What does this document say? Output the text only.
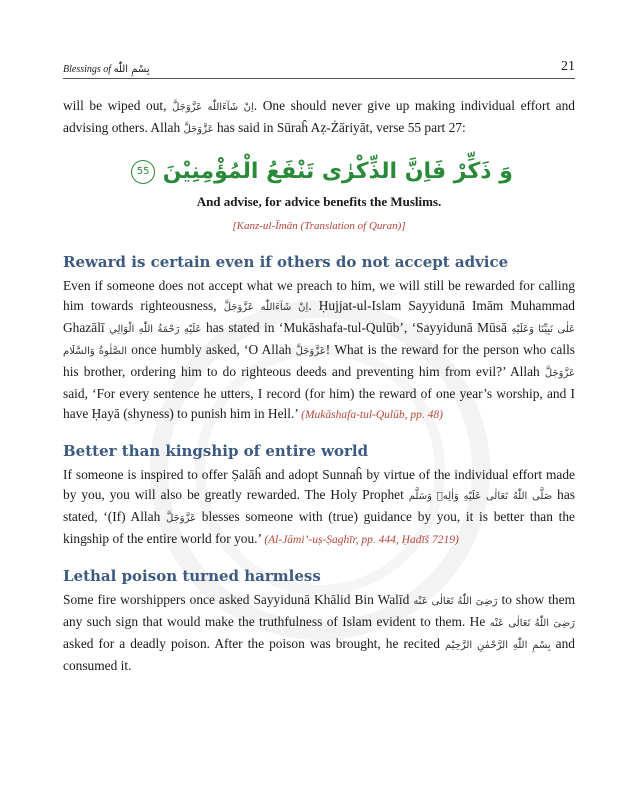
Blessings of بِسْمِ اللّٰه	21

will be wiped out, اِنْ شَآءَاللّٰه عَزَّوَجَلَّ. One should never give up making individual effort and advising others. Allah عَزَّوَجَلَّ has said in Sūraĥ Aẓ-Żāriyāt, verse 55 part 27:

وَ ذَكِّرْ فَاِنَّ الذِّكْرٰى تَنْفَعُ الْمُؤْمِنِيْنَ 55
And advise, for advice benefits the Muslims.
[Kanz-ul-Īmān (Translation of Quran)]
Reward is certain even if others do not accept advice

Even if someone does not accept what we preach to him, we will still be rewarded for calling him towards righteousness, اِنْ شَآءَاللّٰه عَزَّوَجَلَّ. Ḥujjat-ul-Islam Sayyidunā Imām Muhammad Ghazālī عَلَيْهِ رَحْمَةُ اللّٰهِ الْوَالِي has stated in ‘Mukāshafa-tul-Qulūb’, ‘Sayyidunā Mūsā عَلٰى نَبِيِّنَا وَعَلَيْهِ الصَّلٰوةُ وَالسَّلَام once humbly asked, ‘O Allah عَزَّوَجَلَّ! What is the reward for the person who calls his brother, ordering him to do righteous deeds and preventing him from evil?’ Allah عَزَّوَجَلَّ said, ‘For every sentence he utters, I record (for him) the reward of one year’s worship, and I have Ḥayā (shyness) to punish him in Hell.’ (Mukāshafa-tul-Qulūb, pp. 48)

Better than kingship of entire world

If someone is inspired to offer Ṣalāĥ and adopt Sunnaĥ by virtue of the individual effort made by you, you will also be greatly rewarded. The Holy Prophet صَلَّى اللّٰهُ تَعَالٰى عَلَيْهِ وَاٰلِهٖ وَسَلَّم has stated, ‘(If) Allah عَزَّوَجَلَّ blesses someone with (true) guidance by you, it is better than the kingship of the entire world for you.’ (Al-Jāmi’-uṣ-Ṣaghīr, pp. 444, Ḥadīš 7219)

Lethal poison turned harmless

Some fire worshippers once asked Sayyidunā Khālid Bin Walīd رَضِىَ اللّٰهُ تَعَالٰى عَنْه to show them any such sign that would make the truthfulness of Islam evident to them. He رَضِىَ اللّٰهُ تَعَالٰى عَنْه asked for a deadly poison. After the poison was brought, he recited بِسْمِ اللّٰهِ الرَّحْمٰنِ الرَّحِيْم and consumed it.
